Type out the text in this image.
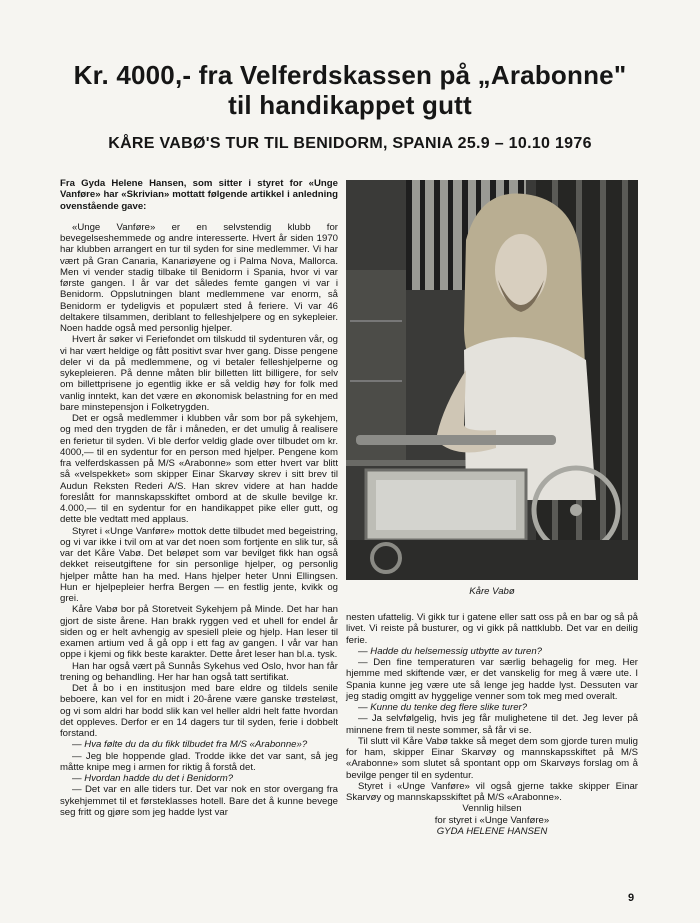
Kr. 4000,- fra Velferdskassen på „Arabonne"
til handikappet gutt
KÅRE VABØ'S TUR TIL BENIDORM, SPANIA 25.9 – 10.10 1976

Fra Gyda Helene Hansen, som sitter i styret for «Unge Vanføre» har «Skrivian» mottatt følgende artikkel i anledning ovenstående gave:

«Unge Vanføre» er en selvstendig klubb for bevegelseshemmede og andre interesserte. Hvert år siden 1970 har klubben arrangert en tur til syden for sine medlemmer. Vi har vært på Gran Canaria, Kanariøyene og i Palma Nova, Mallorca. Men vi vender stadig tilbake til Benidorm i Spania, hvor vi var første gangen. I år var det således femte gangen vi var i Benidorm. Oppslutningen blant medlemmene var enorm, så Benidorm er tydeligvis et populært sted å feriere. Vi var 46 deltakere tilsammen, deriblant to felleshjelpere og en sykepleier. Noen hadde også med personlig hjelper.

Hvert år søker vi Feriefondet om tilskudd til sydenturen vår, og vi har vært heldige og fått positivt svar hver gang. Disse pengene deler vi da på medlemmene, og vi betaler felleshjelperne og sykepleieren. På denne måten blir billetten litt billigere, for selv om billettprisene jo egentlig ikke er så veldig høy for folk med vanlig inntekt, kan det være en økonomisk belastning for en med bare minstepensjon i Folketrygden.

Det er også medlemmer i klubben vår som bor på sykehjem, og med den trygden de får i måneden, er det umulig å realisere en ferietur til syden. Vi ble derfor veldig glade over tilbudet om kr. 4000,— til en sydentur for en person med hjelper. Pengene kom fra velferdskassen på M/S «Arabonne» som etter hvert var blitt så «velspekket» som skipper Einar Skarvøy skrev i sitt brev til Audun Reksten Rederi A/S. Han skrev videre at han hadde foreslått for mannskapsskiftet ombord at de skulle bevilge kr. 4.000,— til en sydentur for en handikappet pike eller gutt, og dette ble vedtatt med applaus.

Styret i «Unge Vanføre» mottok dette tilbudet med begeistring, og vi var ikke i tvil om at var det noen som fortjente en slik tur, så var det Kåre Vabø. Det beløpet som var bevilget fikk han også dekket reiseutgiftene for sin personlige hjelper, og personlig hjelper måtte han ha med. Hans hjelper heter Unni Ellingsen. Hun er hjelpepleier herfra Bergen — en festlig jente, kvikk og grei.

Kåre Vabø bor på Storetveit Sykehjem på Minde. Det har han gjort de siste årene. Han brakk ryggen ved et uhell for endel år siden og er helt avhengig av spesiell pleie og hjelp. Han leser til examen artium ved å gå opp i ett fag av gangen. I vår var han oppe i kjemi og fikk beste karakter. Dette året leser han bl.a. tysk.

Han har også vært på Sunnås Sykehus ved Oslo, hvor han får trening og behandling. Her har han også tatt sertifikat.

Det å bo i en institusjon med bare eldre og tildels senile beboere, kan vel for en midt i 20-årene være ganske trøsteløst, og vi som aldri har bodd slik kan vel heller aldri helt fatte hvordan det oppleves. Derfor er en 14 dagers tur til syden, ferie i dobbelt forstand.

— Hva følte du da du fikk tilbudet fra M/S «Arabonne»?

— Jeg ble hoppende glad. Trodde ikke det var sant, så jeg måtte knipe meg i armen for riktig å forstå det.

— Hvordan hadde du det i Benidorm?

— Det var en alle tiders tur. Det var nok en stor overgang fra sykehjemmet til et førsteklasses hotell. Bare det å kunne bevege seg fritt og gjøre som jeg hadde lyst var

Kåre Vabø

nesten ufattelig. Vi gikk tur i gatene eller satt oss på en bar og så på livet. Vi reiste på busturer, og vi gikk på nattklubb. Det var en deilig ferie.

— Hadde du helsemessig utbytte av turen?

— Den fine temperaturen var særlig behagelig for meg. Her hjemme med skiftende vær, er det vanskelig for meg å være ute. I Spania kunne jeg være ute så lenge jeg hadde lyst. Dessuten var jeg stadig omgitt av hyggelige venner som tok meg med overalt.

— Kunne du tenke deg flere slike turer?

— Ja selvfølgelig, hvis jeg får mulighetene til det. Jeg lever på minnene frem til neste sommer, så får vi se.

Til slutt vil Kåre Vabø takke så meget dem som gjorde turen mulig for ham, skipper Einar Skarvøy og mannskapsskiftet på M/S «Arabonne» som slutet så spontant opp om Skarvøys forslag om å bevilge penger til en sydentur.

Styret i «Unge Vanføre» vil også gjerne takke skipper Einar Skarvøy og mannskapsskiftet på M/S «Arabonne».

Vennlig hilsen

for styret i «Unge Vanføre»

GYDA HELENE HANSEN

9
